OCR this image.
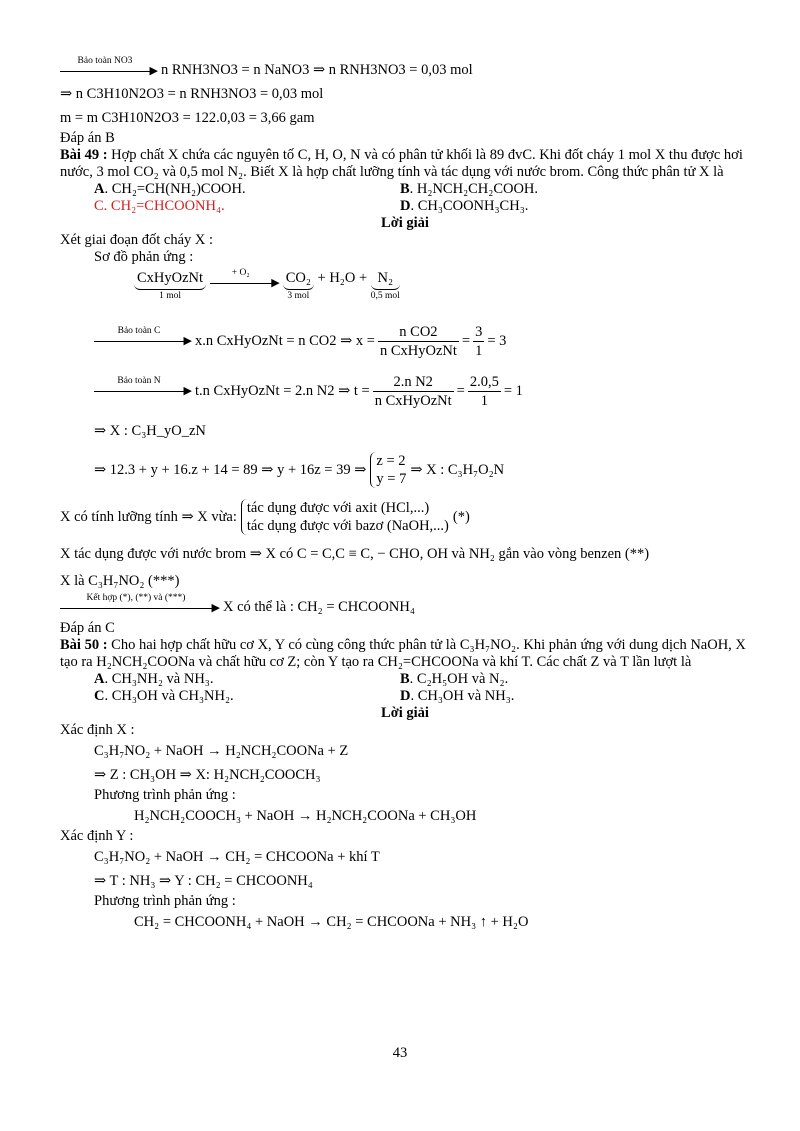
Bảo toàn NO3
▶ n RNH3NO3 = n NaNO3 ⇒ n RNH3NO3 = 0,03 mol
⇒ n C3H10N2O3 = n RNH3NO3 = 0,03 mol
m = m C3H10N2O3 = 122.0,03 = 3,66 gam
Đáp án B
Bài 49 : Hợp chất X chứa các nguyên tố C, H, O, N và có phân tử khối là 89 đvC. Khi đốt cháy 1 mol X thu được hơi nước, 3 mol CO₂ và 0,5 mol N₂. Biết X là hợp chất lưỡng tính và tác dụng với nước brom. Công thức phân tử X là
A. CH₂=CH(NH₂)COOH.	B. H₂NCH₂CH₂COOH.
C. CH₂=CHCOONH₄.	D. CH₃COONH₃CH₃.
Lời giải
Xét giai đoạn đốt cháy X :
Sơ đồ phản ứng :
CxHyOzNt
1 mol

+ O₂
▶ CO₂
3 mol
+ H₂O + N₂
0,5 mol
Bảo toàn C
▶ x.n CxHyOzNt = n CO2 ⇒ $x = \frac{\text{n CO2}}{\text{n CxHyOzNt}} = \frac{3}{1} = 3$
Bảo toàn N
▶ t.n CxHyOzNt = 2.n N2 ⇒ $t = \frac{\text{2.n N2}}{\text{n CxHyOzNt}} = \frac{2.0,5}{1} = 1$
⇒ X : C₃H_yO_zN
⇒ 12.3 + y + 16.z + 14 = 89 ⇒ y + 16z = 39 ⇒
z = 2
y = 7
⇒ X : C₃H₇O₂N
X có tính lưỡng tính ⇒ X vừa:
tác dụng được với axit (HCl,...)
tác dụng được với bazơ (NaOH,...)
(*)
X tác dụng được với nước brom ⇒ X có C = C,C ≡ C, − CHO, OH và NH₂ gắn vào vòng benzen (**)
X là C₃H₇NO₂ (***)
Kết hợp (*), (**) và (***)
▶ X có thể là : CH₂ = CHCOONH₄
Đáp án C
Bài 50 : Cho hai hợp chất hữu cơ X, Y có cùng công thức phân tử là C₃H₇NO₂. Khi phản ứng với dung dịch NaOH, X tạo ra H₂NCH₂COONa và chất hữu cơ Z; còn Y tạo ra CH₂=CHCOONa và khí T. Các chất Z và T lần lượt là
A. CH₃NH₂ và NH₃.	B. C₂H₅OH và N₂.
C. CH₃OH và CH₃NH₂.	D. CH₃OH và NH₃.
Lời giải
Xác định X :
C₃H₇NO₂ + NaOH → H₂NCH₂COONa + Z
⇒ Z : CH₃OH ⇒ X: H₂NCH₂COOCH₃
Phương trình phản ứng :
H₂NCH₂COOCH₃ + NaOH → H₂NCH₂COONa + CH₃OH
Xác định Y :
C₃H₇NO₂ + NaOH → CH₂ = CHCOONa + khí T
⇒ T : NH₃ ⇒ Y : CH₂ = CHCOONH₄
Phương trình phản ứng :
CH₂ = CHCOONH₄ + NaOH → CH₂ = CHCOONa + NH₃ ↑ + H₂O
43
